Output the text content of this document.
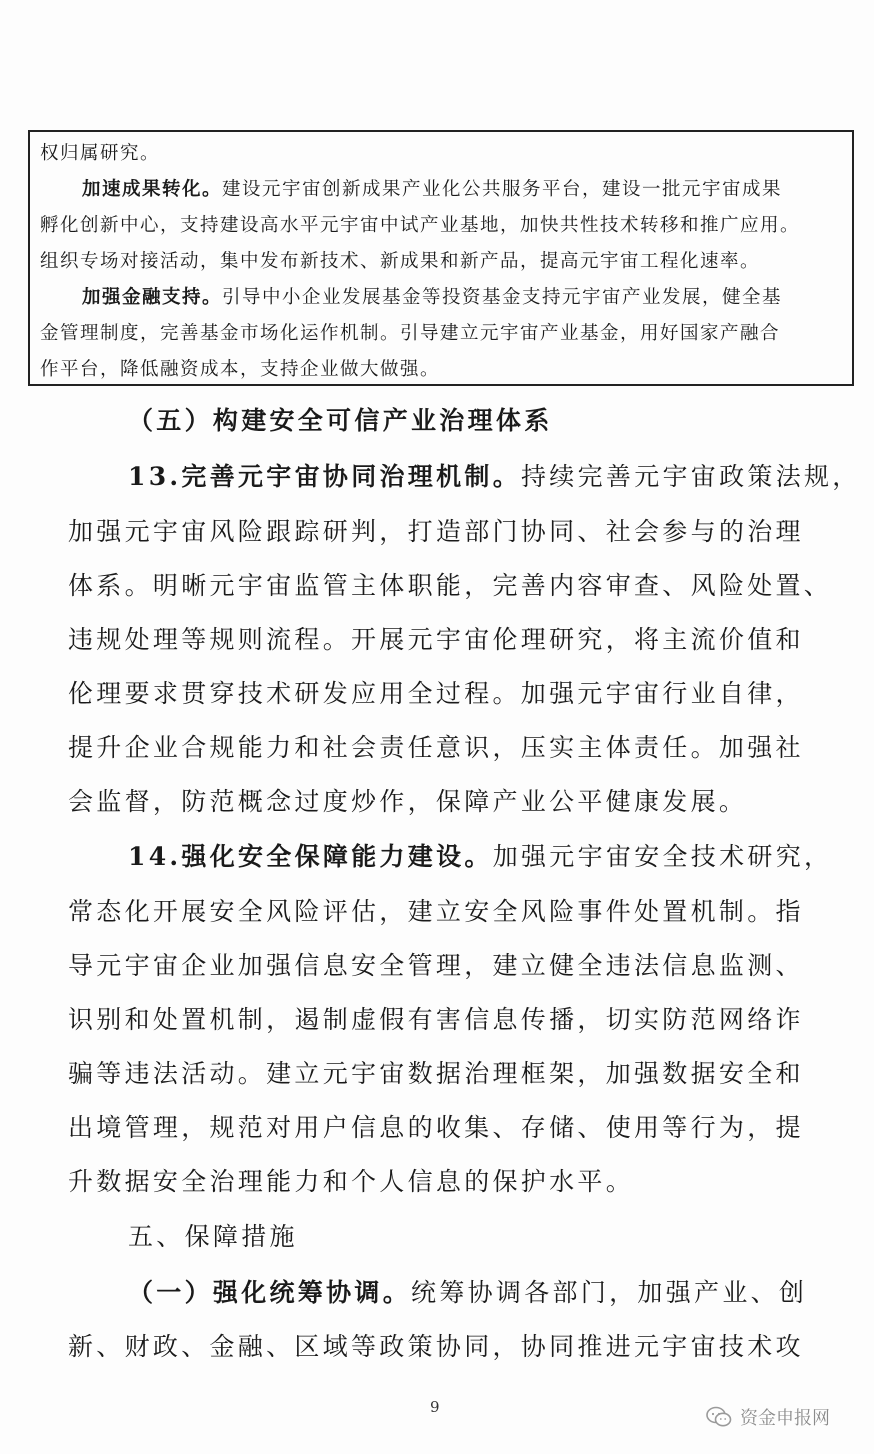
权归属研究。
加速成果转化。建设元宇宙创新成果产业化公共服务平台，建设一批元宇宙成果
孵化创新中心，支持建设高水平元宇宙中试产业基地，加快共性技术转移和推广应用。
组织专场对接活动，集中发布新技术、新成果和新产品，提高元宇宙工程化速率。
加强金融支持。引导中小企业发展基金等投资基金支持元宇宙产业发展，健全基
金管理制度，完善基金市场化运作机制。引导建立元宇宙产业基金，用好国家产融合
作平台，降低融资成本，支持企业做大做强。
（五）构建安全可信产业治理体系
13.完善元宇宙协同治理机制。持续完善元宇宙政策法规，
加强元宇宙风险跟踪研判，打造部门协同、社会参与的治理
体系。明晰元宇宙监管主体职能，完善内容审查、风险处置、
违规处理等规则流程。开展元宇宙伦理研究，将主流价值和
伦理要求贯穿技术研发应用全过程。加强元宇宙行业自律，
提升企业合规能力和社会责任意识，压实主体责任。加强社
会监督，防范概念过度炒作，保障产业公平健康发展。
14.强化安全保障能力建设。加强元宇宙安全技术研究，
常态化开展安全风险评估，建立安全风险事件处置机制。指
导元宇宙企业加强信息安全管理，建立健全违法信息监测、
识别和处置机制，遏制虚假有害信息传播，切实防范网络诈
骗等违法活动。建立元宇宙数据治理框架，加强数据安全和
出境管理，规范对用户信息的收集、存储、使用等行为，提
升数据安全治理能力和个人信息的保护水平。
五、保障措施
（一）强化统筹协调。统筹协调各部门，加强产业、创
新、财政、金融、区域等政策协同，协同推进元宇宙技术攻
9
资金申报网
